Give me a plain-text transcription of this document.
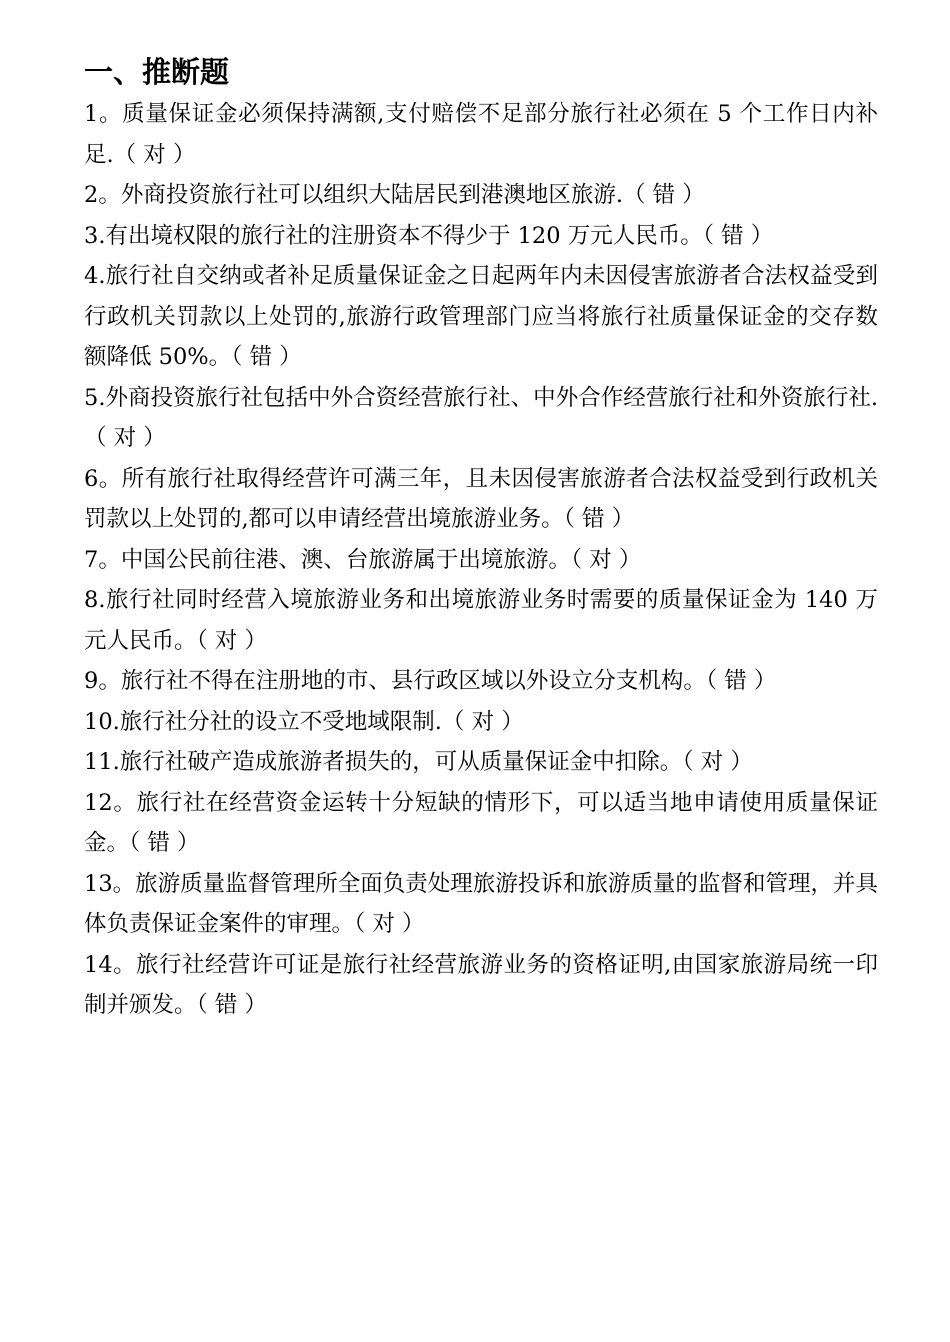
一、推断题

1。质量保证金必须保持满额,支付赔偿不足部分旅行社必须在 5 个工作日内补足.（ 对 ）

2。外商投资旅行社可以组织大陆居民到港澳地区旅游.（ 错 ）

3.有出境权限的旅行社的注册资本不得少于 120 万元人民币。（ 错 ）

4.旅行社自交纳或者补足质量保证金之日起两年内未因侵害旅游者合法权益受到行政机关罚款以上处罚的,旅游行政管理部门应当将旅行社质量保证金的交存数额降低 50%。（ 错 ）

5.外商投资旅行社包括中外合资经营旅行社、中外合作经营旅行社和外资旅行社.（ 对 ）

6。所有旅行社取得经营许可满三年，且未因侵害旅游者合法权益受到行政机关罚款以上处罚的,都可以申请经营出境旅游业务。（ 错 ）

7。中国公民前往港、澳、台旅游属于出境旅游。（ 对 ）

8.旅行社同时经营入境旅游业务和出境旅游业务时需要的质量保证金为 140 万元人民币。（ 对 ）

9。旅行社不得在注册地的市、县行政区域以外设立分支机构。（ 错 ）

10.旅行社分社的设立不受地域限制.（ 对 ）

11.旅行社破产造成旅游者损失的，可从质量保证金中扣除。（ 对 ）

12。旅行社在经营资金运转十分短缺的情形下，可以适当地申请使用质量保证金。（ 错 ）

13。旅游质量监督管理所全面负责处理旅游投诉和旅游质量的监督和管理，并具体负责保证金案件的审理。（ 对 ）

14。旅行社经营许可证是旅行社经营旅游业务的资格证明,由国家旅游局统一印制并颁发。（ 错 ）
